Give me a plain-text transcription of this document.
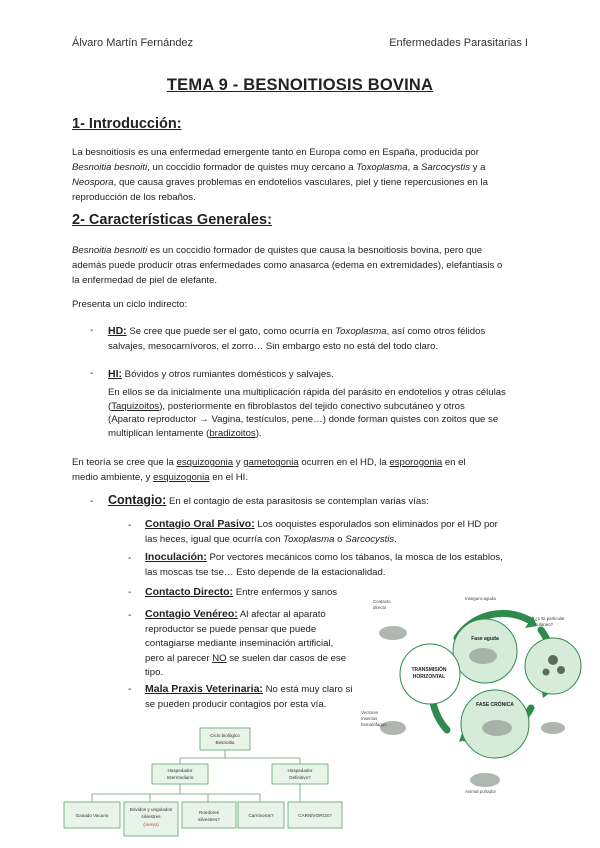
Álvaro Martín Fernández	Enfermedades Parasitarias I
TEMA 9 - BESNOITIOSIS BOVINA
1- Introducción:
La besnoitiosis es una enfermedad emergente tanto en Europa como en España, producida por
Besnoitia besnoiti, un coccidio formador de quistes muy cercano a Toxoplasma, a Sarcocystis y a
Neospora, que causa graves problemas en endotelios vasculares, piel y tiene repercusiones en la
reproducción de los rebaños.
2- Características Generales:
Besnoitia besnoiti es un coccidio formador de quistes que causa la besnoitiosis bovina, pero que
además puede producir otras enfermedades como anasarca (edema en extremidades), elefantiasis o
la enfermedad de piel de elefante.
Presenta un ciclo indirecto:
- HD: Se cree que puede ser el gato, como ocurría en Toxoplasma, así como otros félidos
salvajes, mesocarnívoros, el zorro… Sin embargo esto no está del todo claro.
- HI: Bóvidos y otros rumiantes domésticos y salvajes.
En ellos se da inicialmente una multiplicación rápida del parásito en endotelios y otras células
(Taquizoitos), posteriormente en fibroblastos del tejido conectivo subcutáneo y otros
(Aparato reproductor → Vagina, testículos, pene…) donde forman quistes con zoitos que se
multiplican lentamente (bradizoitos).
En teoría se cree que la esquizogonia y gametogonia ocurren en el HD, la esporogonia en el
medio ambiente, y esquizogonia en el HI.
- Contagio: En el contagio de esta parasitosis se contemplan varias vías:
- Contagio Oral Pasivo: Los ooquistes esporulados son eliminados por el HD por
las heces, igual que ocurría con Toxoplasma o Sarcocystis.
- Inoculación: Por vectores mecánicos como los tábanos, la mosca de los establos,
las moscas tse tse… Esto depende de la estacionalidad.
- Contacto Directo: Entre enfermos y sanos
- Contagio Venéreo: Al afectar al aparato
reproductor se puede pensar que puede
contagiarse mediante inseminación artificial,
pero al parecer NO se suelen dar casos de ese
tipo.
- Mala Praxis Veterinaria: No está muy claro si
se pueden producir contagios por esta vía.
Ciclo biológico
Besnoitia
Hospedador
Intermediario
Hospedador
Definitivo?
Ganado Vacuno
Bóvidos y ungulados
silvestres
(ciervo)
Roedores
silvestres?
Carnívoros?	CARNÍVOROS?
Fase aguda
TRANSMISIÓN
HORIZONTAL
FASE CRÓNICA
Contacto
directo
Inseguro-aguda
¿1 Ei-particular
cutáneo?
Vectores
Insectos
hematófagos
Animal portador
